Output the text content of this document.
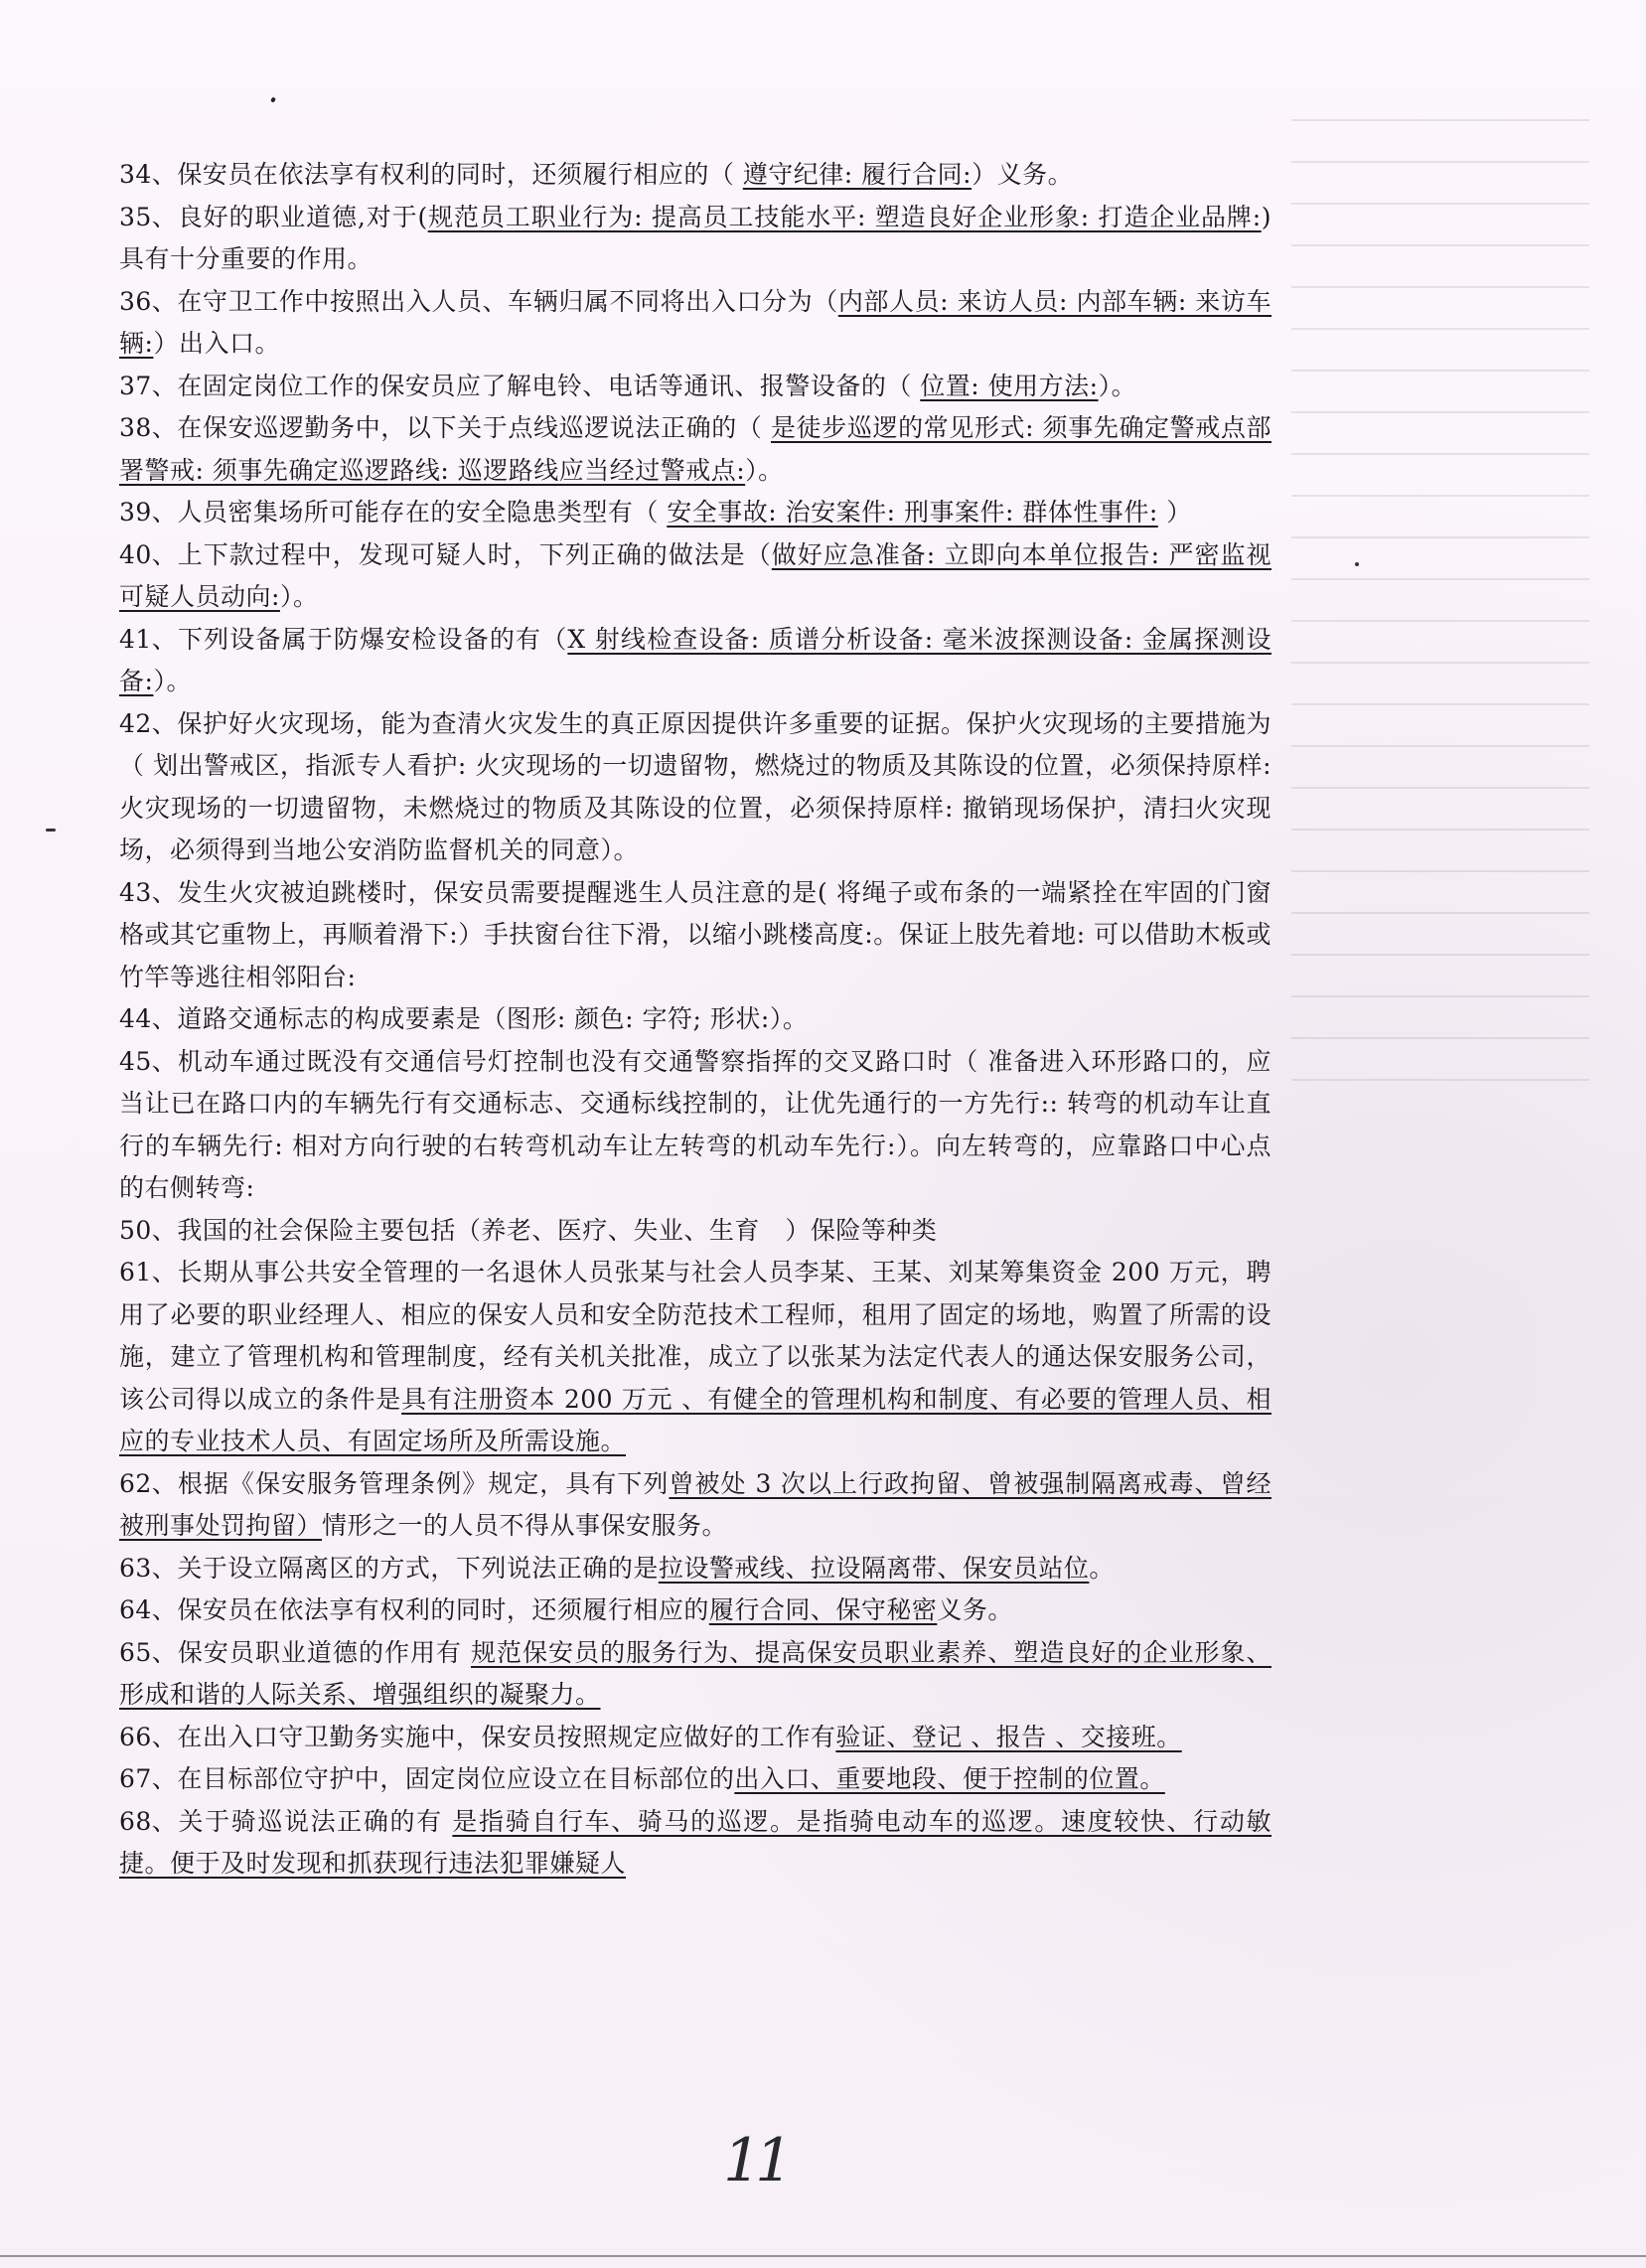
34、保安员在依法享有权利的同时，还须履行相应的（ 遵守纪律: 履行合同:）义务。

35、良好的职业道德,对于(规范员工职业行为: 提高员工技能水平: 塑造良好企业形象: 打造企业品牌:)具有十分重要的作用。

36、在守卫工作中按照出入人员、车辆归属不同将出入口分为（内部人员: 来访人员: 内部车辆: 来访车辆:）出入口。

37、在固定岗位工作的保安员应了解电铃、电话等通讯、报警设备的（ 位置: 使用方法:）。

38、在保安巡逻勤务中，以下关于点线巡逻说法正确的（ 是徒步巡逻的常见形式: 须事先确定警戒点部署警戒: 须事先确定巡逻路线: 巡逻路线应当经过警戒点:）。

39、人员密集场所可能存在的安全隐患类型有（ 安全事故: 治安案件: 刑事案件: 群体性事件: ）

40、上下款过程中，发现可疑人时，下列正确的做法是（做好应急准备: 立即向本单位报告: 严密监视可疑人员动向:）。

41、下列设备属于防爆安检设备的有（X 射线检查设备: 质谱分析设备: 毫米波探测设备: 金属探测设备:）。

42、保护好火灾现场，能为查清火灾发生的真正原因提供许多重要的证据。保护火灾现场的主要措施为（ 划出警戒区，指派专人看护: 火灾现场的一切遗留物，燃烧过的物质及其陈设的位置，必须保持原样: 火灾现场的一切遗留物，未燃烧过的物质及其陈设的位置，必须保持原样: 撤销现场保护，清扫火灾现场，必须得到当地公安消防监督机关的同意）。

43、发生火灾被迫跳楼时，保安员需要提醒逃生人员注意的是( 将绳子或布条的一端紧拴在牢固的门窗格或其它重物上，再顺着滑下:）手扶窗台往下滑，以缩小跳楼高度:。保证上肢先着地: 可以借助木板或竹竿等逃往相邻阳台:

44、道路交通标志的构成要素是（图形: 颜色: 字符; 形状:）。

45、机动车通过既没有交通信号灯控制也没有交通警察指挥的交叉路口时（ 准备进入环形路口的，应当让已在路口内的车辆先行有交通标志、交通标线控制的，让优先通行的一方先行:: 转弯的机动车让直行的车辆先行: 相对方向行驶的右转弯机动车让左转弯的机动车先行:）。向左转弯的，应靠路口中心点的右侧转弯:

50、我国的社会保险主要包括（养老、医疗、失业、生育　）保险等种类

61、长期从事公共安全管理的一名退休人员张某与社会人员李某、王某、刘某筹集资金 200 万元，聘用了必要的职业经理人、相应的保安人员和安全防范技术工程师，租用了固定的场地，购置了所需的设施，建立了管理机构和管理制度，经有关机关批准，成立了以张某为法定代表人的通达保安服务公司，该公司得以成立的条件是具有注册资本 200 万元 、有健全的管理机构和制度、有必要的管理人员、相应的专业技术人员、有固定场所及所需设施。

62、根据《保安服务管理条例》规定，具有下列曾被处 3 次以上行政拘留、曾被强制隔离戒毒、曾经被刑事处罚拘留）情形之一的人员不得从事保安服务。

63、关于设立隔离区的方式，下列说法正确的是拉设警戒线、拉设隔离带、保安员站位。

64、保安员在依法享有权利的同时，还须履行相应的履行合同、保守秘密义务。

65、保安员职业道德的作用有 规范保安员的服务行为、提高保安员职业素养、塑造良好的企业形象、形成和谐的人际关系、增强组织的凝聚力。

66、在出入口守卫勤务实施中，保安员按照规定应做好的工作有验证、登记 、报告 、交接班。

67、在目标部位守护中，固定岗位应设立在目标部位的出入口、重要地段、便于控制的位置。

68、关于骑巡说法正确的有 是指骑自行车、骑马的巡逻。是指骑电动车的巡逻。速度较快、行动敏捷。便于及时发现和抓获现行违法犯罪嫌疑人

11
